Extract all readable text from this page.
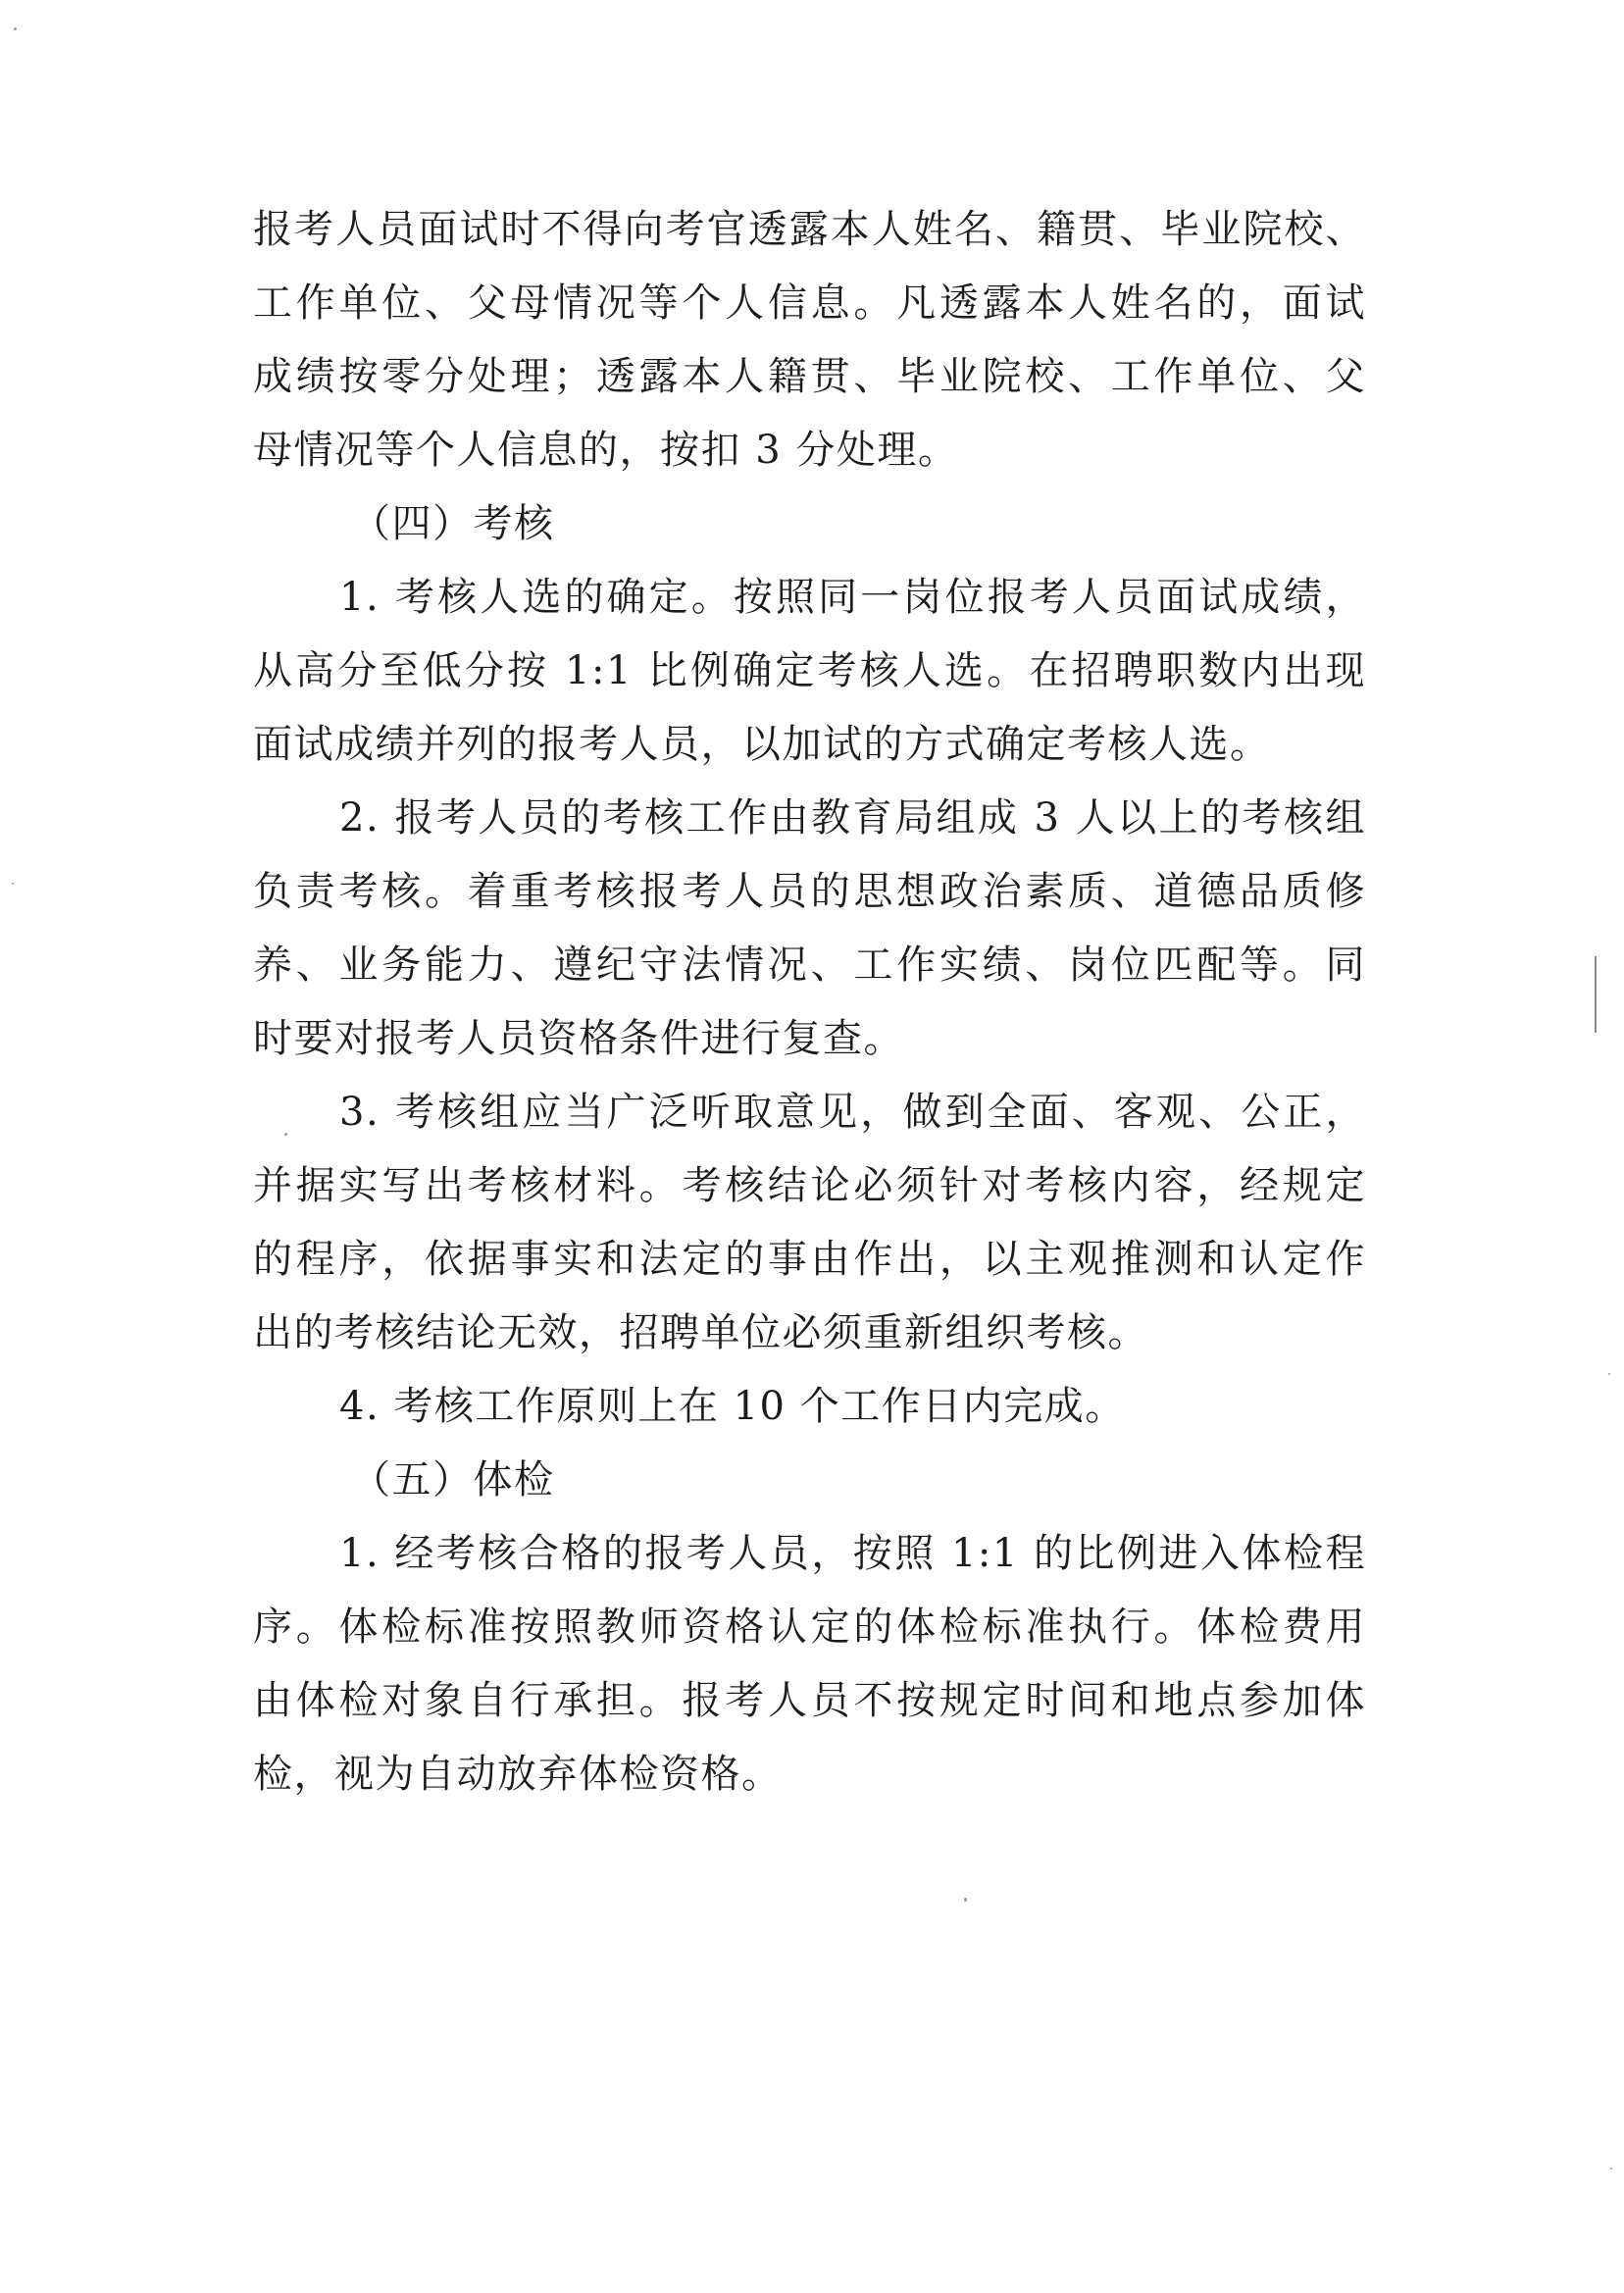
报考人员面试时不得向考官透露本人姓名、籍贯、毕业院校、
工作单位、父母情况等个人信息。凡透露本人姓名的，面试
成绩按零分处理；透露本人籍贯、毕业院校、工作单位、父
母情况等个人信息的，按扣 3 分处理。
（四）考核
1. 考核人选的确定。按照同一岗位报考人员面试成绩，
从高分至低分按 1:1 比例确定考核人选。在招聘职数内出现
面试成绩并列的报考人员，以加试的方式确定考核人选。
2. 报考人员的考核工作由教育局组成 3 人以上的考核组
负责考核。着重考核报考人员的思想政治素质、道德品质修
养、业务能力、遵纪守法情况、工作实绩、岗位匹配等。同
时要对报考人员资格条件进行复查。
3. 考核组应当广泛听取意见，做到全面、客观、公正，
并据实写出考核材料。考核结论必须针对考核内容，经规定
的程序，依据事实和法定的事由作出，以主观推测和认定作
出的考核结论无效，招聘单位必须重新组织考核。
4. 考核工作原则上在 10 个工作日内完成。
（五）体检
1. 经考核合格的报考人员，按照 1:1 的比例进入体检程
序。体检标准按照教师资格认定的体检标准执行。体检费用
由体检对象自行承担。报考人员不按规定时间和地点参加体
检，视为自动放弃体检资格。
